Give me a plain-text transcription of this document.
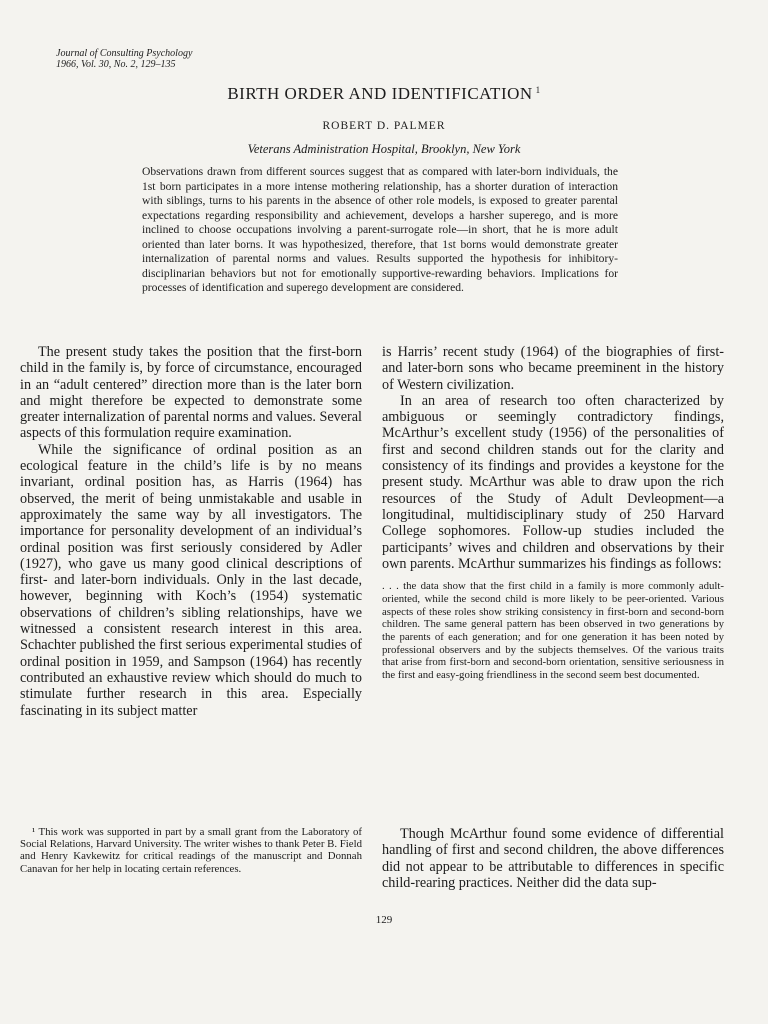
Journal of Consulting Psychology
1966, Vol. 30, No. 2, 129–135
BIRTH ORDER AND IDENTIFICATION $^1$
ROBERT D. PALMER
Veterans Administration Hospital, Brooklyn, New York
Observations drawn from different sources suggest that as compared with later-born individuals, the 1st born participates in a more intense mothering relationship, has a shorter duration of interaction with siblings, turns to his parents in the absence of other role models, is exposed to greater parental expectations regarding responsibility and achievement, develops a harsher superego, and is more inclined to choose occupations involving a parent-surrogate role—in short, that he is more adult oriented than later borns. It was hypothesized, therefore, that 1st borns would demonstrate greater internalization of parental norms and values. Results supported the hypothesis for inhibitory-disciplinarian behaviors but not for emotionally supportive-rewarding behaviors. Implications for processes of identification and superego development are considered.

The present study takes the position that the first-born child in the family is, by force of circumstance, encouraged in an “adult centered” direction more than is the later born and might therefore be expected to demonstrate some greater internalization of parental norms and values. Several aspects of this formulation require examination.

While the significance of ordinal position as an ecological feature in the child’s life is by no means invariant, ordinal position has, as Harris (1964) has observed, the merit of being unmistakable and usable in approximately the same way by all investigators. The importance for personality development of an individual’s ordinal position was first seriously considered by Adler (1927), who gave us many good clinical descriptions of first- and later-born individuals. Only in the last decade, however, beginning with Koch’s (1954) systematic observations of children’s sibling relationships, have we witnessed a consistent research interest in this area. Schachter published the first serious experimental studies of ordinal position in 1959, and Sampson (1964) has recently contributed an exhaustive review which should do much to stimulate further research in this area. Especially fascinating in its subject matter

¹ This work was supported in part by a small grant from the Laboratory of Social Relations, Harvard University. The writer wishes to thank Peter B. Field and Henry Kavkewitz for critical readings of the manuscript and Donnah Canavan for her help in locating certain references.

is Harris’ recent study (1964) of the biographies of first- and later-born sons who became preeminent in the history of Western civilization.

In an area of research too often characterized by ambiguous or seemingly contradictory findings, McArthur’s excellent study (1956) of the personalities of first and second children stands out for the clarity and consistency of its findings and provides a keystone for the present study. McArthur was able to draw upon the rich resources of the Study of Adult Devleopment—a longitudinal, multidisciplinary study of 250 Harvard College sophomores. Follow-up studies included the participants’ wives and children and observations by their own parents. McArthur summarizes his findings as follows:

. . . the data show that the first child in a family is more commonly adult-oriented, while the second child is more likely to be peer-oriented. Various aspects of these roles show striking consistency in first-born and second-born children. The same general pattern has been observed in two generations by the parents of each generation; and for one generation it has been noted by professional observers and by the subjects themselves. Of the various traits that arise from first-born and second-born orientation, sensitive seriousness in the first and easy-going friendliness in the second seem best documented.

Though McArthur found some evidence of differential handling of first and second children, the above differences did not appear to be attributable to differences in specific child-rearing practices. Neither did the data sup-

129
